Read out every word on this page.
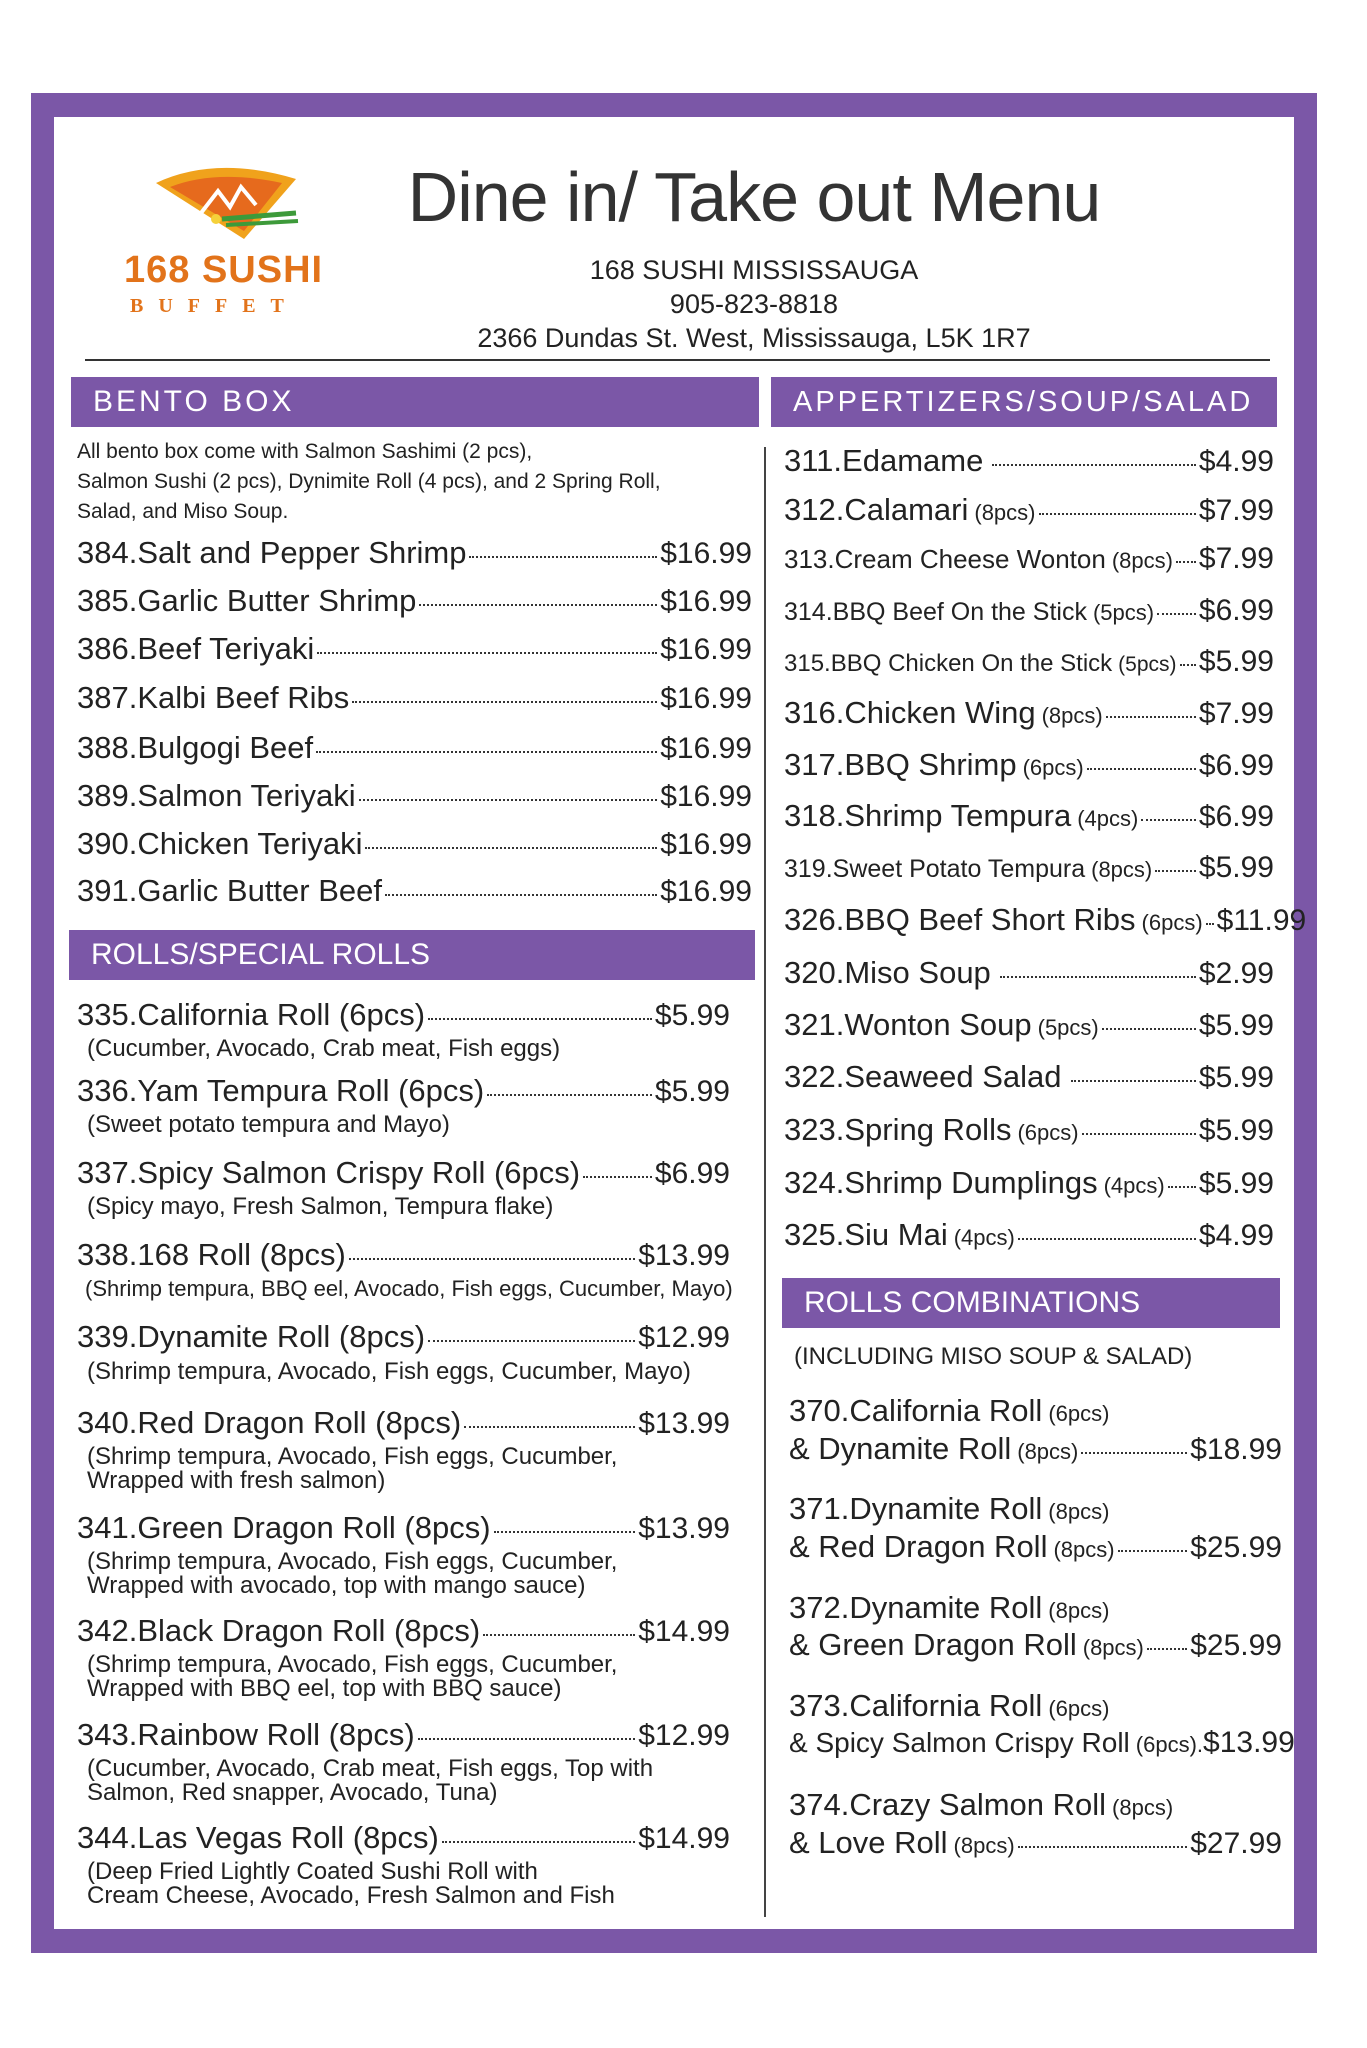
168 SUSHI
BUFFET
Dine in/ Take out Menu
168 SUSHI MISSISSAUGA
905-823-8818
2366 Dundas St. West, Mississauga, L5K 1R7
BENTO BOX
All bento box come with Salmon Sashimi (2 pcs),
Salmon Sushi (2 pcs), Dynimite Roll (4 pcs), and 2 Spring Roll,
Salad, and Miso Soup.
384.Salt and Pepper Shrimp	$16.99
385.Garlic Butter Shrimp	$16.99
386.Beef Teriyaki	$16.99
387.Kalbi Beef Ribs	$16.99
388.Bulgogi Beef	$16.99
389.Salmon Teriyaki	$16.99
390.Chicken Teriyaki	$16.99
391.Garlic Butter Beef	$16.99
ROLLS/SPECIAL ROLLS
335.California Roll (6pcs)	$5.99
(Cucumber, Avocado, Crab meat, Fish eggs)
336.Yam Tempura Roll (6pcs)	$5.99
(Sweet potato tempura and Mayo)
337.Spicy Salmon Crispy Roll (6pcs) $6.99
(Spicy mayo, Fresh Salmon, Tempura flake)
338.168 Roll (8pcs)	$13.99
(Shrimp tempura, BBQ eel, Avocado, Fish eggs, Cucumber, Mayo)
339.Dynamite Roll (8pcs)	$12.99
(Shrimp tempura, Avocado, Fish eggs, Cucumber, Mayo)
340.Red Dragon Roll (8pcs)	$13.99
(Shrimp tempura, Avocado, Fish eggs, Cucumber,
Wrapped with fresh salmon)
341.Green Dragon Roll (8pcs)	$13.99
(Shrimp tempura, Avocado, Fish eggs, Cucumber,
Wrapped with avocado, top with mango sauce)
342.Black Dragon Roll (8pcs)	$14.99
(Shrimp tempura, Avocado, Fish eggs, Cucumber,
Wrapped with BBQ eel, top with BBQ sauce)
343.Rainbow Roll (8pcs)	$12.99
(Cucumber, Avocado, Crab meat, Fish eggs, Top with
Salmon, Red snapper, Avocado, Tuna)
344.Las Vegas Roll (8pcs)	$14.99
(Deep Fried Lightly Coated Sushi Roll with
Cream Cheese, Avocado, Fresh Salmon and Fish
APPERTIZERS/SOUP/SALAD
311.Edamame	$4.99
312.Calamari (8pcs)	$7.99
313.Cream Cheese Wonton (8pcs) $7.99
314.BBQ Beef On the Stick (5pcs) $6.99
315.BBQ Chicken On the Stick (5pcs) $5.99
316.Chicken Wing (8pcs)	$7.99
317.BBQ Shrimp (6pcs)	$6.99
318.Shrimp Tempura (4pcs) $6.99
319.Sweet Potato Tempura (8pcs) $5.99
326.BBQ Beef Short Ribs (6pcs) $11.99
320.Miso Soup	$2.99
321.Wonton Soup (5pcs)	$5.99
322.Seaweed Salad	$5.99
323.Spring Rolls (6pcs)	$5.99
324.Shrimp Dumplings (4pcs) $5.99
325.Siu Mai (4pcs)	$4.99
ROLLS COMBINATIONS
(INCLUDING MISO SOUP & SALAD)
370.California Roll (6pcs)
& Dynamite Roll (8pcs)	$18.99
371.Dynamite Roll (8pcs)
& Red Dragon Roll (8pcs)	$25.99
372.Dynamite Roll (8pcs)
& Green Dragon Roll (8pcs) $25.99
373.California Roll (6pcs)
& Spicy Salmon Crispy Roll (6pcs). $13.99
374.Crazy Salmon Roll (8pcs)
& Love Roll (8pcs)	$27.99
